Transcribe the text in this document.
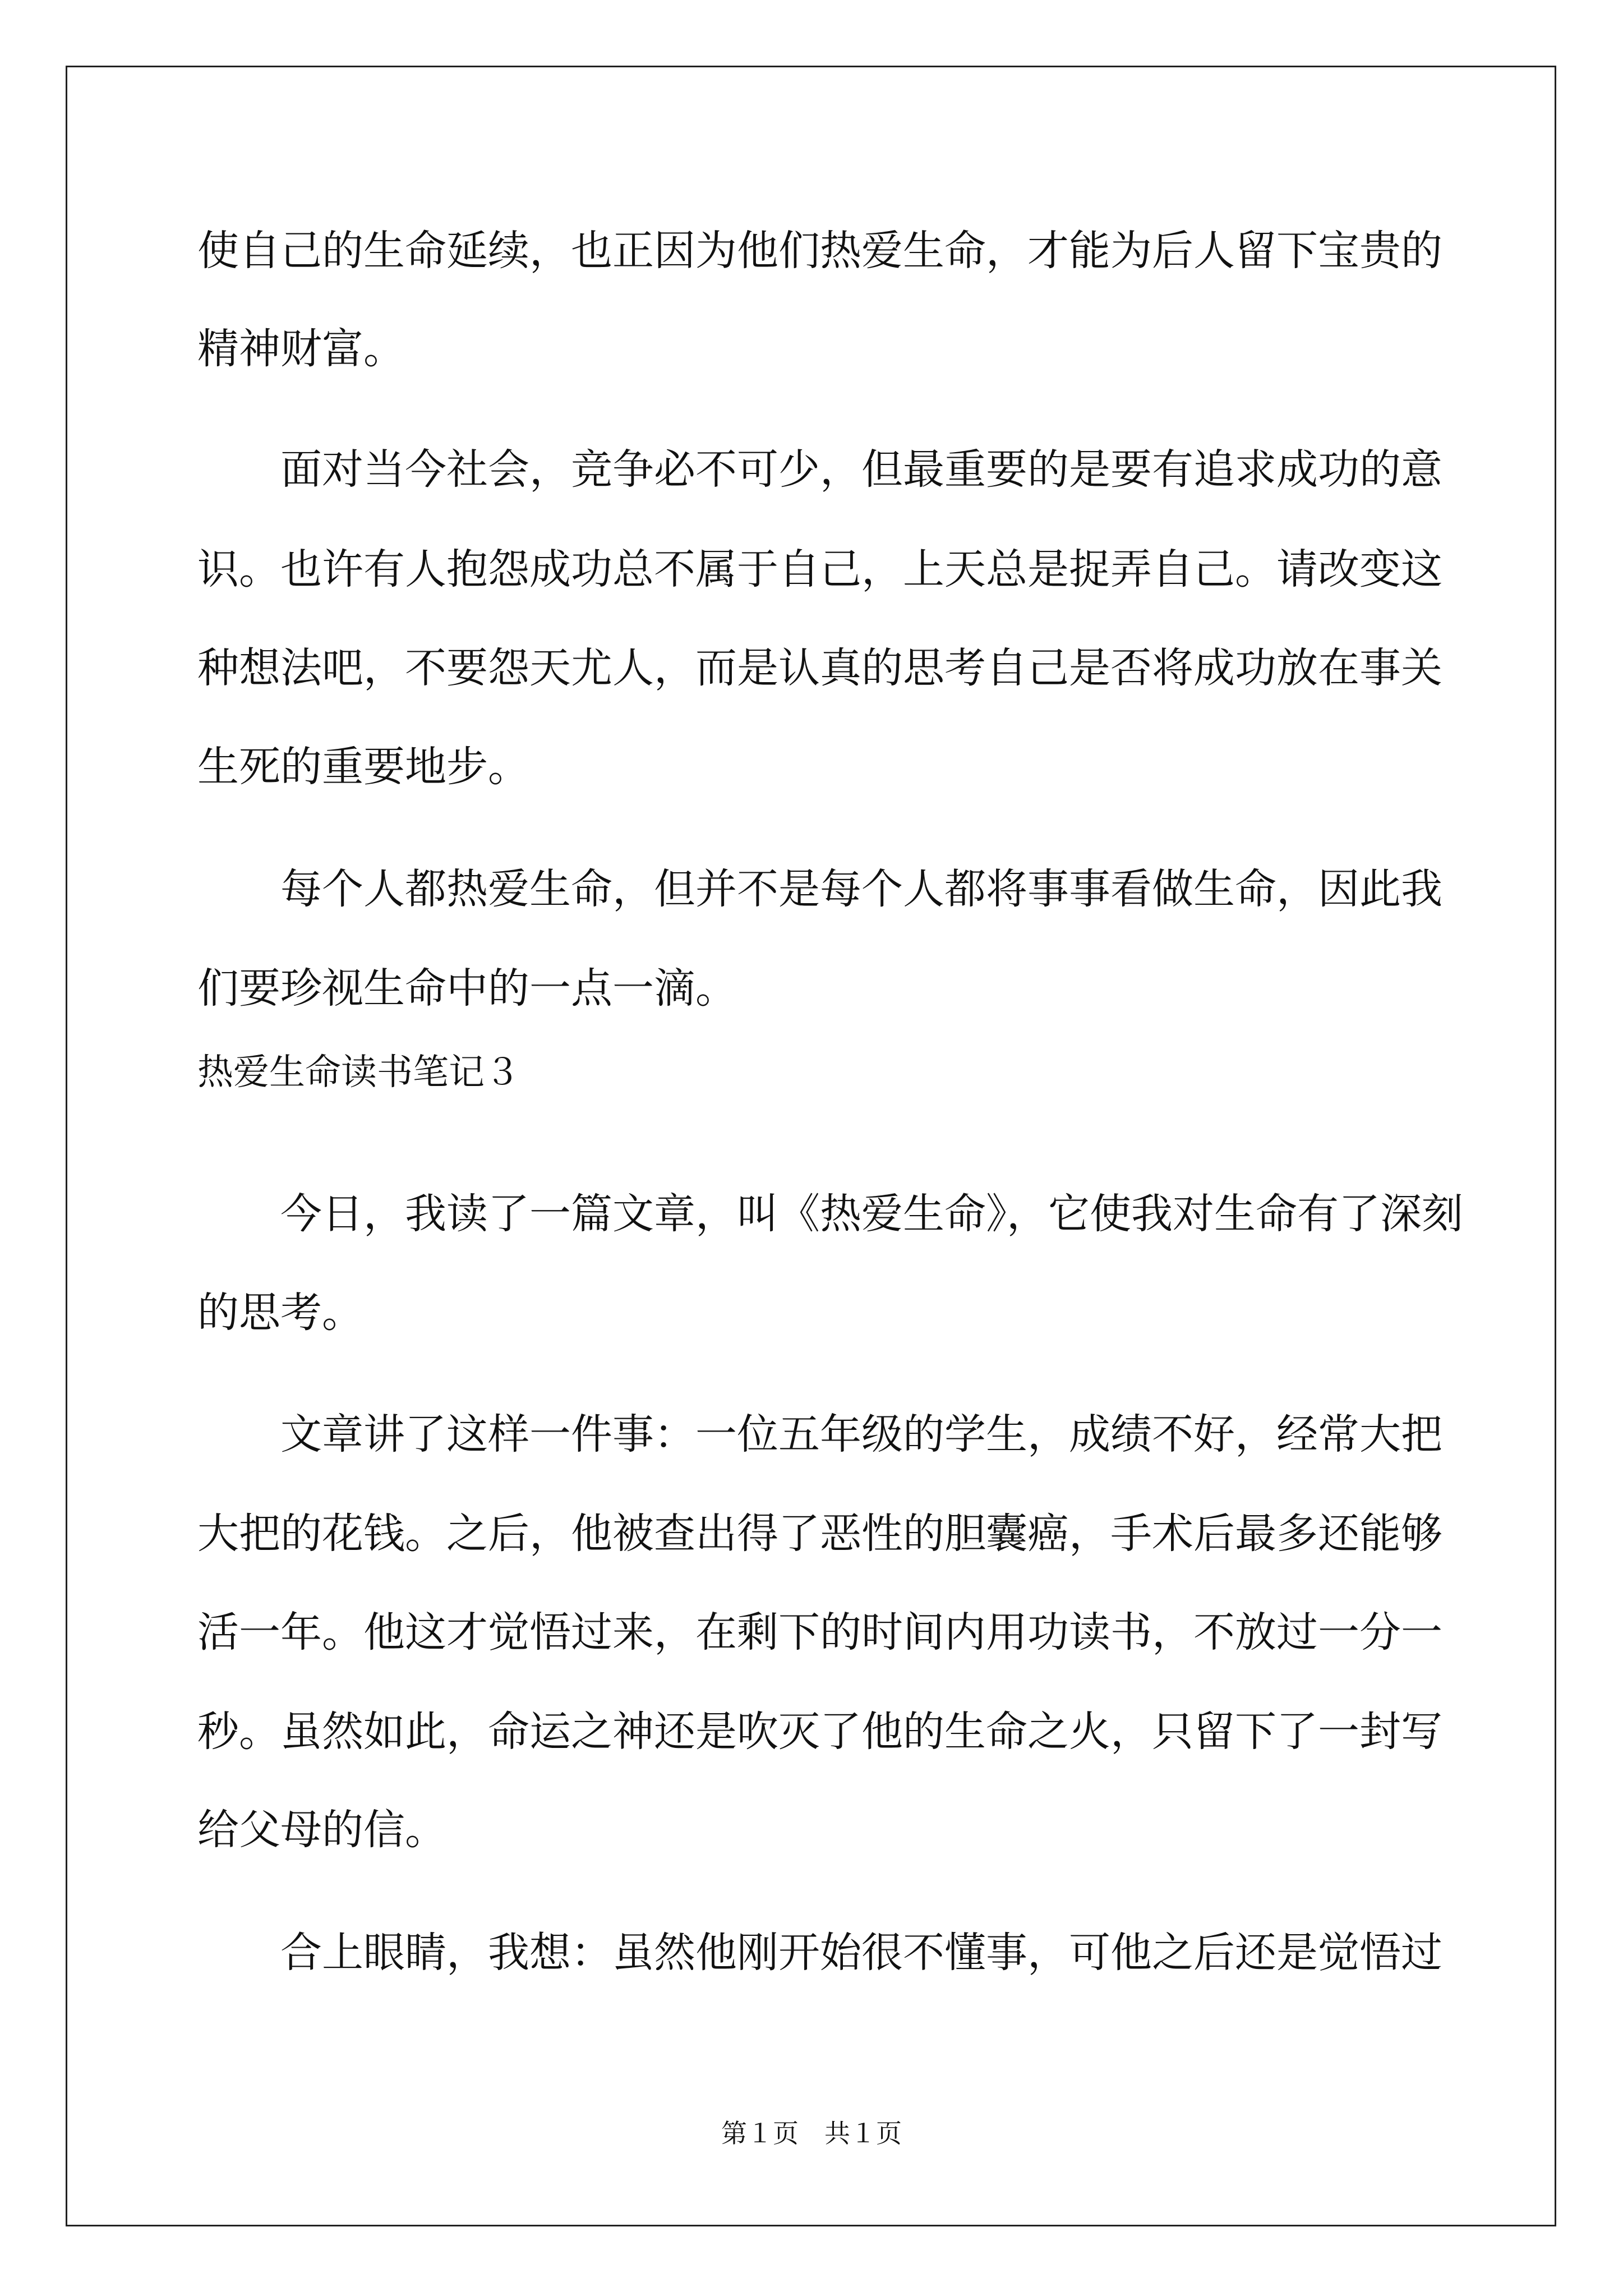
使自己的生命延续，也正因为他们热爱生命，才能为后人留下宝贵的
精神财富。
面对当今社会，竞争必不可少，但最重要的是要有追求成功的意
识。也许有人抱怨成功总不属于自己，上天总是捉弄自己。请改变这
种想法吧，不要怨天尤人，而是认真的思考自己是否将成功放在事关
生死的重要地步。
每个人都热爱生命，但并不是每个人都将事事看做生命，因此我
们要珍视生命中的一点一滴。
热爱生命读书笔记３
今日，我读了一篇文章，叫《热爱生命》，它使我对生命有了深刻
的思考。
文章讲了这样一件事：一位五年级的学生，成绩不好，经常大把
大把的花钱。之后，他被查出得了恶性的胆囊癌，手术后最多还能够
活一年。他这才觉悟过来，在剩下的时间内用功读书，不放过一分一
秒。虽然如此，命运之神还是吹灭了他的生命之火，只留下了一封写
给父母的信。
合上眼睛，我想：虽然他刚开始很不懂事，可他之后还是觉悟过
第１页　共１页
